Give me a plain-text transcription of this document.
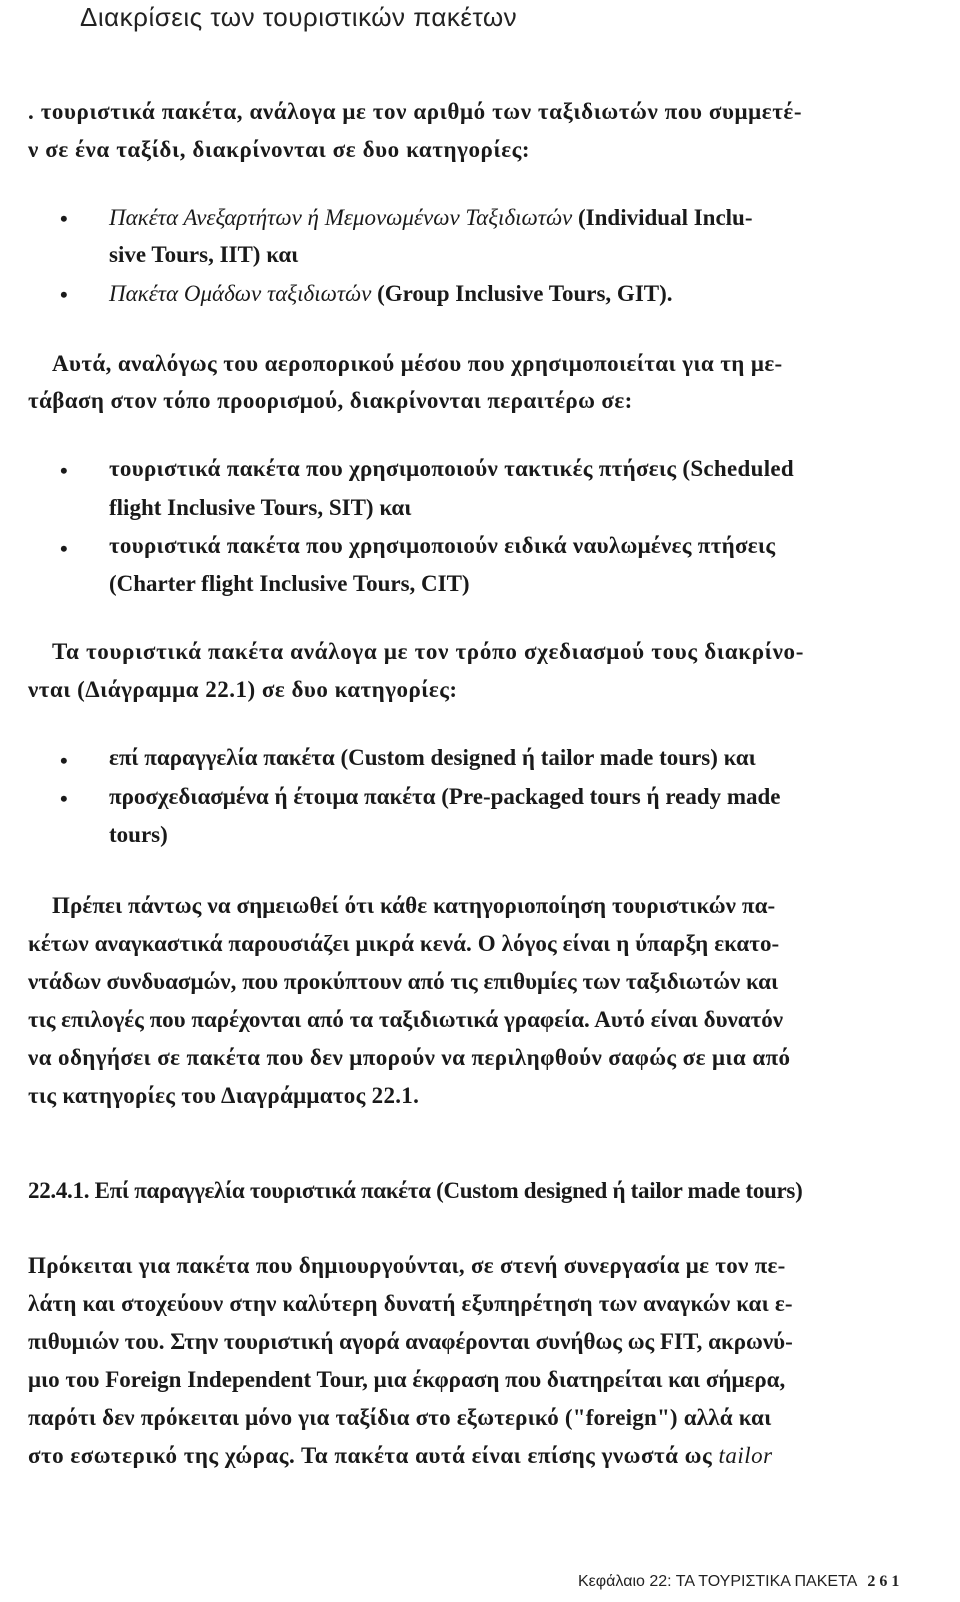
Διακρίσεις των τουριστικών πακέτων
. τουριστικά πακέτα, ανάλογα με τον αριθμό των ταξιδιωτών που συμμετέ-
ν σε ένα ταξίδι, διακρίνονται σε δυο κατηγορίες:
• Πακέτα Ανεξαρτήτων ή Μεμονωμένων Ταξιδιωτών (Individual Inclu-
sive Tours, IIT) και
• Πακέτα Ομάδων ταξιδιωτών (Group Inclusive Tours, GIT).
Αυτά, αναλόγως του αεροπορικού μέσου που χρησιμοποιείται για τη με-
τάβαση στον τόπο προορισμού, διακρίνονται περαιτέρω σε:
• τουριστικά πακέτα που χρησιμοποιούν τακτικές πτήσεις (Scheduled
flight Inclusive Tours, SIT) και
• τουριστικά πακέτα που χρησιμοποιούν ειδικά ναυλωμένες πτήσεις
(Charter flight Inclusive Tours, CIT)
Τα τουριστικά πακέτα ανάλογα με τον τρόπο σχεδιασμού τους διακρίνο-
νται (Διάγραμμα 22.1) σε δυο κατηγορίες:
• επί παραγγελία πακέτα (Custom designed ή tailor made tours) και
• προσχεδιασμένα ή έτοιμα πακέτα (Pre-packaged tours ή ready made
tours)
Πρέπει πάντως να σημειωθεί ότι κάθε κατηγοριοποίηση τουριστικών πα-
κέτων αναγκαστικά παρουσιάζει μικρά κενά. Ο λόγος είναι η ύπαρξη εκατο-
ντάδων συνδυασμών, που προκύπτουν από τις επιθυμίες των ταξιδιωτών και
τις επιλογές που παρέχονται από τα ταξιδιωτικά γραφεία. Αυτό είναι δυνατόν
να οδηγήσει σε πακέτα που δεν μπορούν να περιληφθούν σαφώς σε μια από
τις κατηγορίες του Διαγράμματος 22.1.
22.4.1. Επί παραγγελία τουριστικά πακέτα (Custom designed ή tailor made tours)
Πρόκειται για πακέτα που δημιουργούνται, σε στενή συνεργασία με τον πε-
λάτη και στοχεύουν στην καλύτερη δυνατή εξυπηρέτηση των αναγκών και ε-
πιθυμιών του. Στην τουριστική αγορά αναφέρονται συνήθως ως FIT, ακρωνύ-
μιο του Foreign Independent Tour, μια έκφραση που διατηρείται και σήμερα,
παρότι δεν πρόκειται μόνο για ταξίδια στο εξωτερικό ("foreign") αλλά και
στο εσωτερικό της χώρας. Τα πακέτα αυτά είναι επίσης γνωστά ως tailor
Κεφάλαιο 22: ΤΑ ΤΟΥΡΙΣΤΙΚΑ ΠΑΚΕΤΑ 261
